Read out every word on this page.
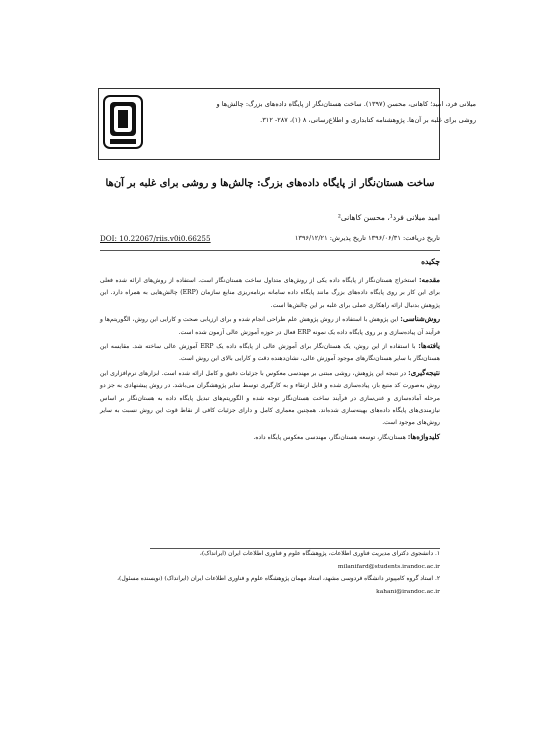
میلانی فرد، امید؛ کاهانی، محسن (۱۳۹۷). ساخت هستان‌نگار از پایگاه داده‌های بزرگ: چالش‌ها و روشی برای غلبه بر آن‌ها. پژوهشنامه کتابداری و اطلاع‌رسانی، ۸ (۱)، ۲۸۷- ۳۱۲.
ساخت هستان‌نگار از پایگاه داده‌های بزرگ: چالش‌ها و روشی برای غلبه بر آن‌ها
امید میلانی فرد¹، محسن کاهانی²
تاریخ دریافت: ۱۳۹۶/۰۶/۳۱ تاریخ پذیرش: ۱۳۹۶/۱۲/۲۱
DOI: 10.22067/riis.v0i0.66255
چکیده

مقدمه: استخراج هستان‌نگار از پایگاه داده یکی از روش‌های متداول ساخت هستان‌نگار است. استفاده از روش‌های ارائه شده فعلی برای این کار بر روی پایگاه داده‌های بزرگ مانند پایگاه داده سامانه برنامه‌ریزی منابع سازمان (ERP) چالش‌هایی به همراه دارد. این پژوهش بدنبال ارائه راهکاری عملی برای غلبه بر این چالش‌ها است.

روش‌شناسی: این پژوهش با استفاده از روش پژوهش علم طراحی انجام شده و برای ارزیابی صحت و کارایی این روش، الگوریتم‌ها و فرآیند آن پیاده‌سازی و بر روی پایگاه داده یک نمونه ERP فعال در حوزه آموزش عالی آزمون شده است.

یافته‌ها: با استفاده از این روش، یک هستان‌نگار برای آموزش عالی از پایگاه داده یک ERP آموزش عالی ساخته شد. مقایسه این هستان‌نگار با سایر هستان‌نگارهای موجود آموزش عالی، نشان‌دهنده دقت و کارایی بالای این روش است.

نتیجه‌گیری: در نتیجه این پژوهش، روشی مبتنی بر مهندسی معکوس با جزئیات دقیق و کامل ارائه شده است. ابزارهای نرم‌افزاری این روش به‌صورت کد منبع باز، پیاده‌سازی شده و قابل ارتقاء و به کارگیری توسط سایر پژوهشگران می‌باشد. در روش پیشنهادی به جز دو مرحله آماده‌سازی و غنی‌سازی در فرآیند ساخت هستان‌نگار توجه شده و الگوریتم‌های تبدیل پایگاه داده به هستان‌نگار بر اساس نیازمندی‌های پایگاه داده‌های بهینه‌سازی شده‌اند. همچنین معماری کامل و دارای جزئیات کافی از نقاط قوت این روش نسبت به سایر روش‌های موجود است.

کلیدواژه‌ها: هستان‌نگار، توسعه هستان‌نگار، مهندسی معکوس پایگاه داده.

۱. دانشجوی دکترای مدیریت فناوری اطلاعات، پژوهشگاه علوم و فناوری اطلاعات ایران (ایرانداک)، milanifard@students.irandoc.ac.ir

۲. استاد گروه کامپیوتر دانشگاه فردوسی مشهد، استاد مهمان پژوهشگاه علوم و فناوری اطلاعات ایران (ایرانداک) (نویسنده مسئول)، kahani@irandoc.ac.ir
